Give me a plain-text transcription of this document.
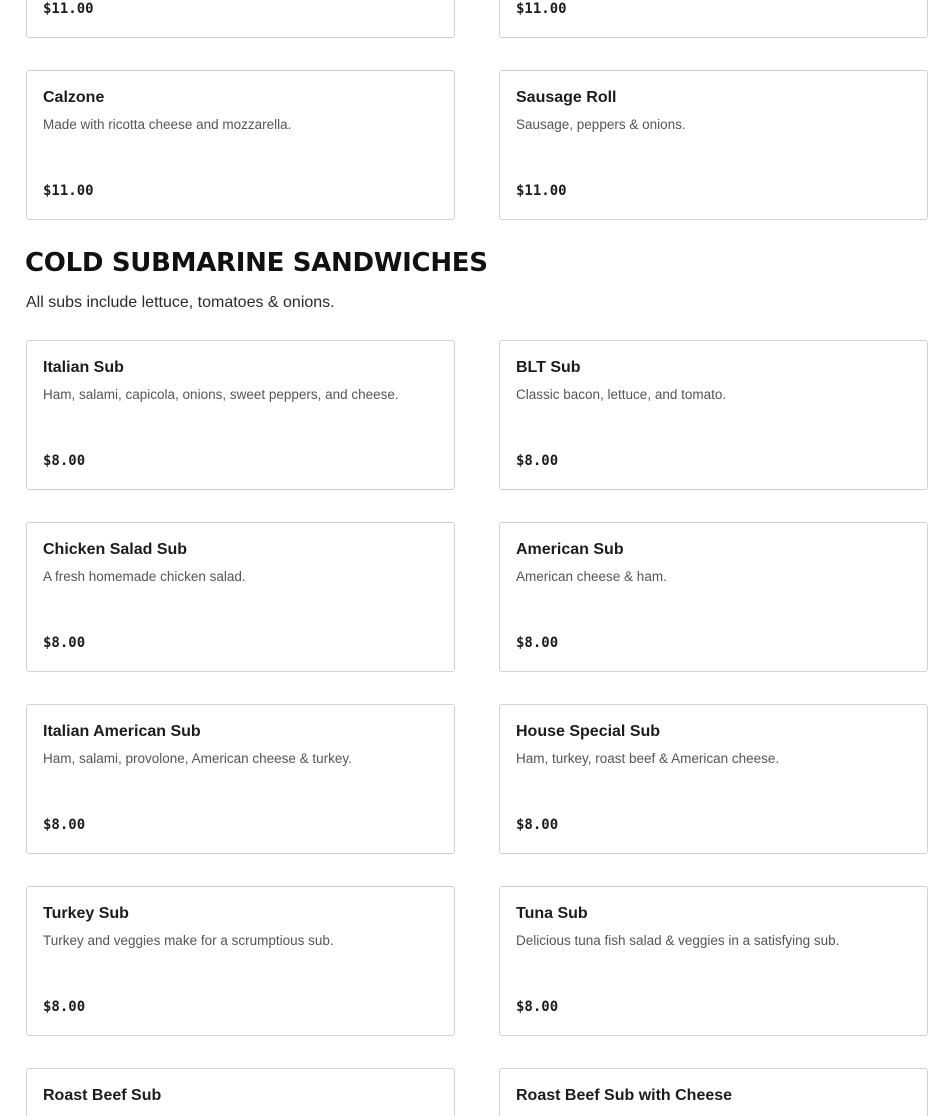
$11.00	$11.00
Calzone
Made with ricotta cheese and mozzarella.
$11.00
Sausage Roll
Sausage, peppers & onions.
$11.00
COLD SUBMARINE SANDWICHES
All subs include lettuce, tomatoes & onions.
Italian Sub
Ham, salami, capicola, onions, sweet peppers, and cheese.
$8.00
BLT Sub
Classic bacon, lettuce, and tomato.
$8.00
Chicken Salad Sub
A fresh homemade chicken salad.
$8.00
American Sub
American cheese & ham.
$8.00
Italian American Sub
Ham, salami, provolone, American cheese & turkey.
$8.00
House Special Sub
Ham, turkey, roast beef & American cheese.
$8.00
Turkey Sub
Turkey and veggies make for a scrumptious sub.
$8.00
Tuna Sub
Delicious tuna fish salad & veggies in a satisfying sub.
$8.00
Roast Beef Sub	Roast Beef Sub with Cheese
